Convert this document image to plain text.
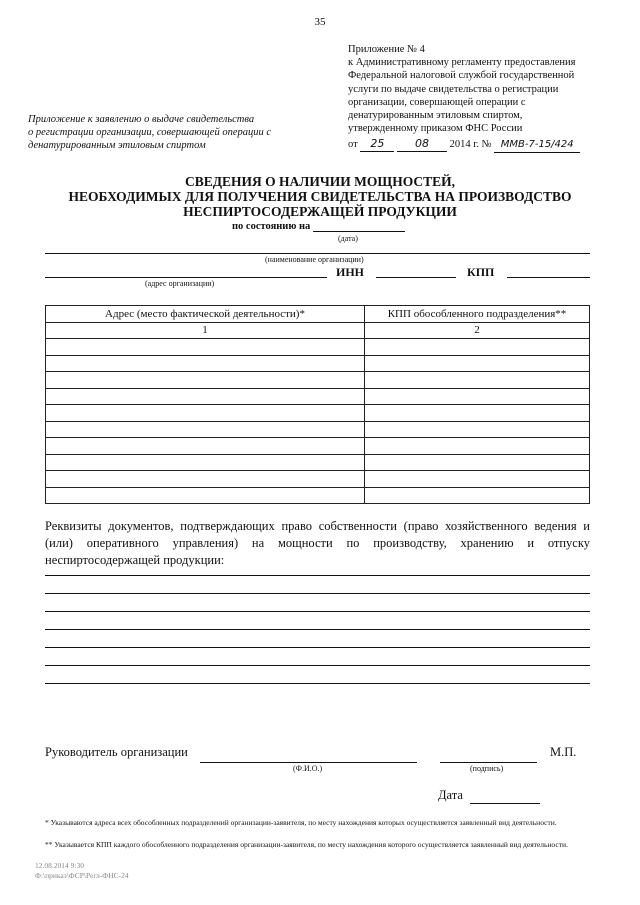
35
Приложение № 4
к Административному регламенту предоставления
Федеральной налоговой службой государственной
услуги по выдаче свидетельства о регистрации
организации, совершающей операции с
денатурированным этиловым спиртом,
утвержденному приказом ФНС России
от 25	08 2014 г. № ММВ-7-15/424
Приложение к заявлению о выдаче свидетельства
о регистрации организации, совершающей операции с
денатурированным этиловым спиртом
СВЕДЕНИЯ О НАЛИЧИИ МОЩНОСТЕЙ,
НЕОБХОДИМЫХ ДЛЯ ПОЛУЧЕНИЯ СВИДЕТЕЛЬСТВА НА ПРОИЗВОДСТВО
НЕСПИРТОСОДЕРЖАЩЕЙ ПРОДУКЦИИ
по состоянию на
(дата)
(наименование организации)
ИНН	КПП
(адрес организации)
Адрес (место фактической деятельности)*	КПП обособленного подразделения**
1	2

Реквизиты документов, подтверждающих право собственности (право хозяйственного ведения и (или) оперативного управления) на мощности по производству, хранению и отпуску неспиртосодержащей продукции:
Руководитель организации
(Ф.И.О.)	(подпись)
М.П.
Дата
* Указываются адреса всех обособленных подразделений организации-заявителя, по месту нахождения которых осуществляется заявленный вид деятельности.
** Указывается КПП каждого обособленного подразделения организации-заявителя, по месту нахождения которого осуществляется заявленный вид деятельности.
12.08.2014 9:30
Ф:\приказ\ФСР\Регл-ФНС-24
